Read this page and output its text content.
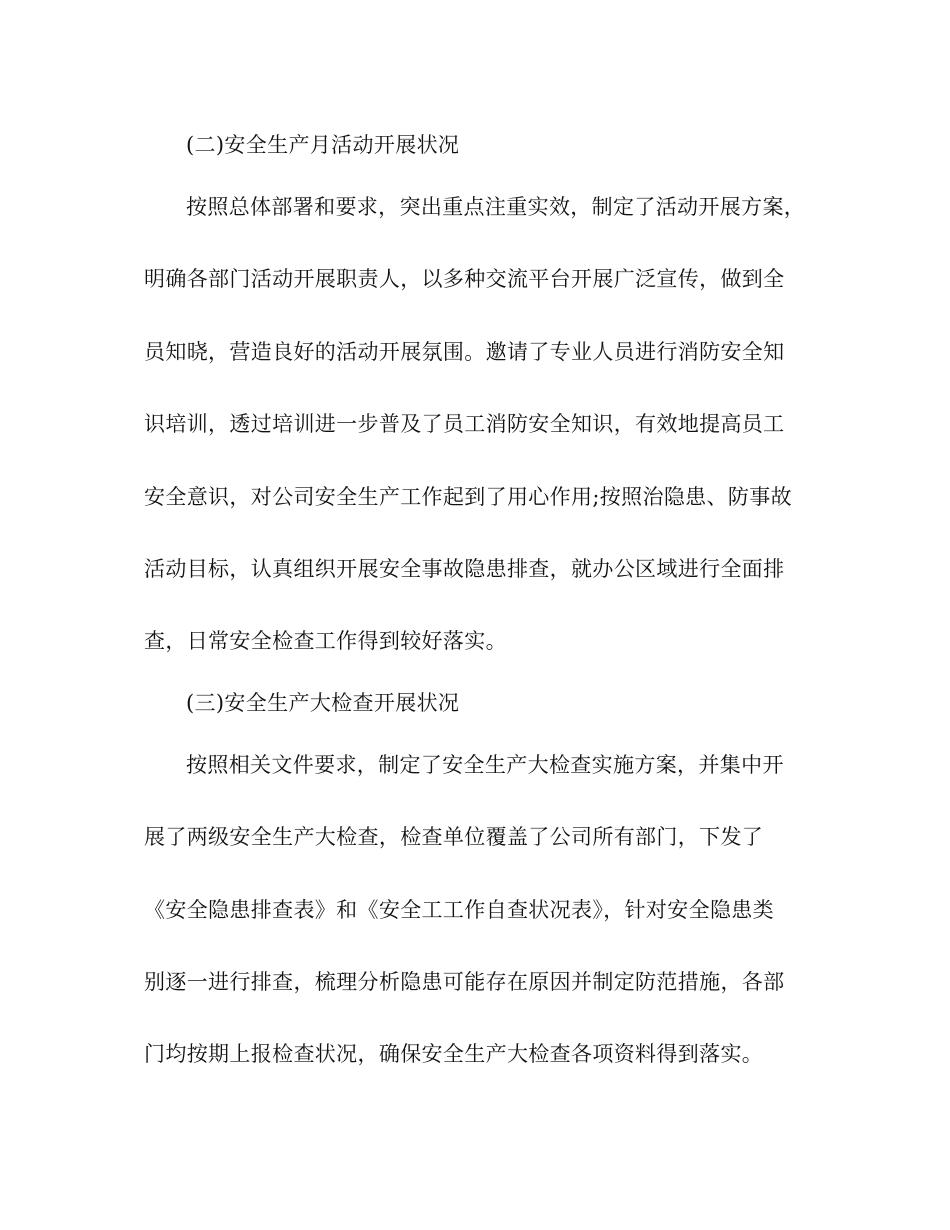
(二)安全生产月活动开展状况
按照总体部署和要求，突出重点注重实效，制定了活动开展方案，
明确各部门活动开展职责人，以多种交流平台开展广泛宣传，做到全
员知晓，营造良好的活动开展氛围。邀请了专业人员进行消防安全知
识培训，透过培训进一步普及了员工消防安全知识，有效地提高员工
安全意识，对公司安全生产工作起到了用心作用;按照治隐患、防事故
活动目标，认真组织开展安全事故隐患排查，就办公区域进行全面排
查，日常安全检查工作得到较好落实。
(三)安全生产大检查开展状况
按照相关文件要求，制定了安全生产大检查实施方案，并集中开
展了两级安全生产大检查，检查单位覆盖了公司所有部门，下发了
《安全隐患排查表》和《安全工工作自查状况表》，针对安全隐患类
别逐一进行排查，梳理分析隐患可能存在原因并制定防范措施，各部
门均按期上报检查状况，确保安全生产大检查各项资料得到落实。
